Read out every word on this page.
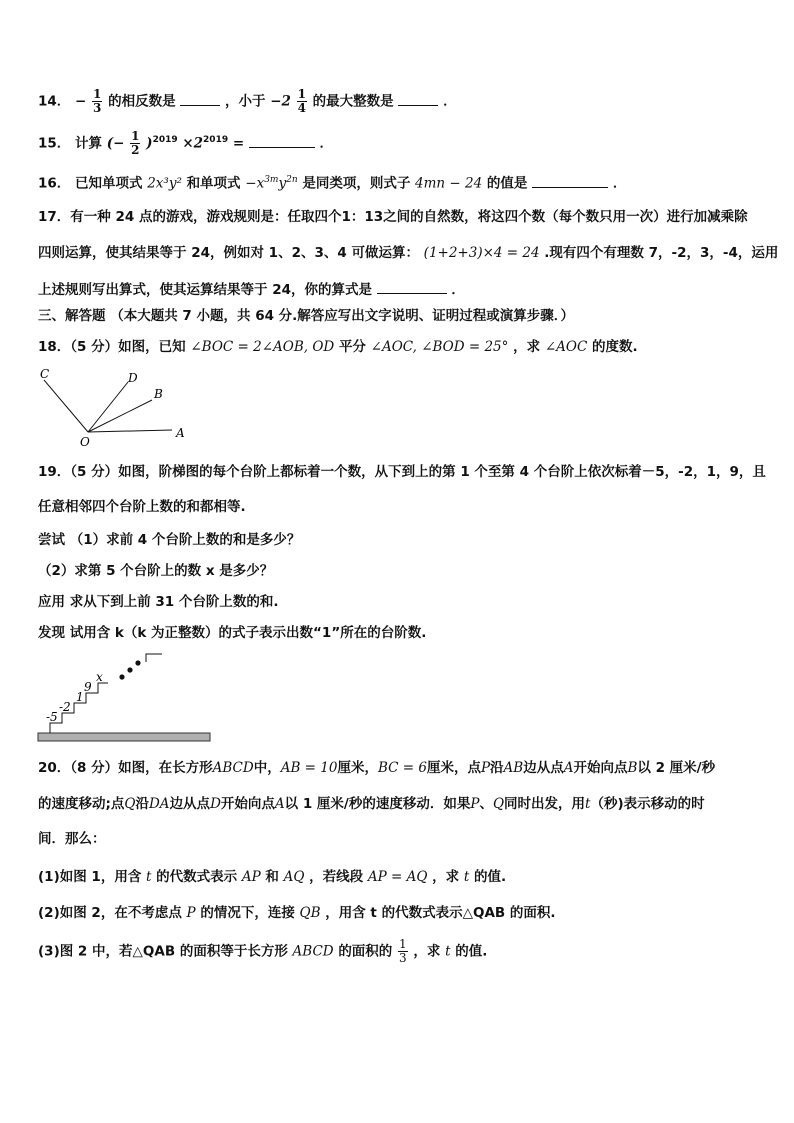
14． − $\frac{1}{3}$ 的相反数是	，小于 $-2 \frac{1}{4}$ 的最大整数是	．
15． 计算 (− $\frac{1}{2} )^{2019} \times 2^{2019}$ =	．
16． 已知单项式 2x³y² 和单项式 $-x^{3m}y^{2n}$ 是同类项，则式子 4mn − 24 的值是	．
17．有一种 24 点的游戏，游戏规则是：任取四个1：13之间的自然数，将这四个数（每个数只用一次）进行加减乘除
四则运算，使其结果等于 24，例如对 1、2、3、4 可做运算： (1+2+3)×4 = 24 .现有四个有理数 7，-2，3，-4，运用
上述规则写出算式，使其运算结果等于 24，你的算式是	．
三、解答题 （本大题共 7 小题，共 64 分.解答应写出文字说明、证明过程或演算步骤．）
18．（5 分）如图，已知 ∠BOC = 2∠AOB, OD 平分 ∠AOC, ∠BOD = 25° ，求 ∠AOC 的度数.
C	D
B
O
A
19．（5 分）如图，阶梯图的每个台阶上都标着一个数，从下到上的第 1 个至第 4 个台阶上依次标着－5，-2，1，9，且
任意相邻四个台阶上数的和都相等.
尝试 （1）求前 4 个台阶上数的和是多少？
（2）求第 5 个台阶上的数 x 是多少？
应用 求从下到上前 31 个台阶上数的和.
发现 试用含 k（k 为正整数）的式子表示出数“1”所在的台阶数.
-5
-2
1
9
x
20．（8 分）如图，在长方形ABCD中，AB = 10厘米，BC = 6厘米，点P沿AB边从点A开始向点B以 2 厘米/秒
的速度移动;点Q沿DA边从点D开始向点A以 1 厘米/秒的速度移动．如果P、Q同时出发，用t（秒)表示移动的时
间．那么：
(1)如图 1，用含 t 的代数式表示 AP 和 AQ ，若线段 AP = AQ ，求 t 的值.
(2)如图 2，在不考虑点 P 的情况下，连接 QB ，用含 t 的代数式表示△QAB 的面积.
(3)图 2 中，若△QAB 的面积等于长方形 ABCD 的面积的 $\frac{1}{3}$ ，求 t 的值.
